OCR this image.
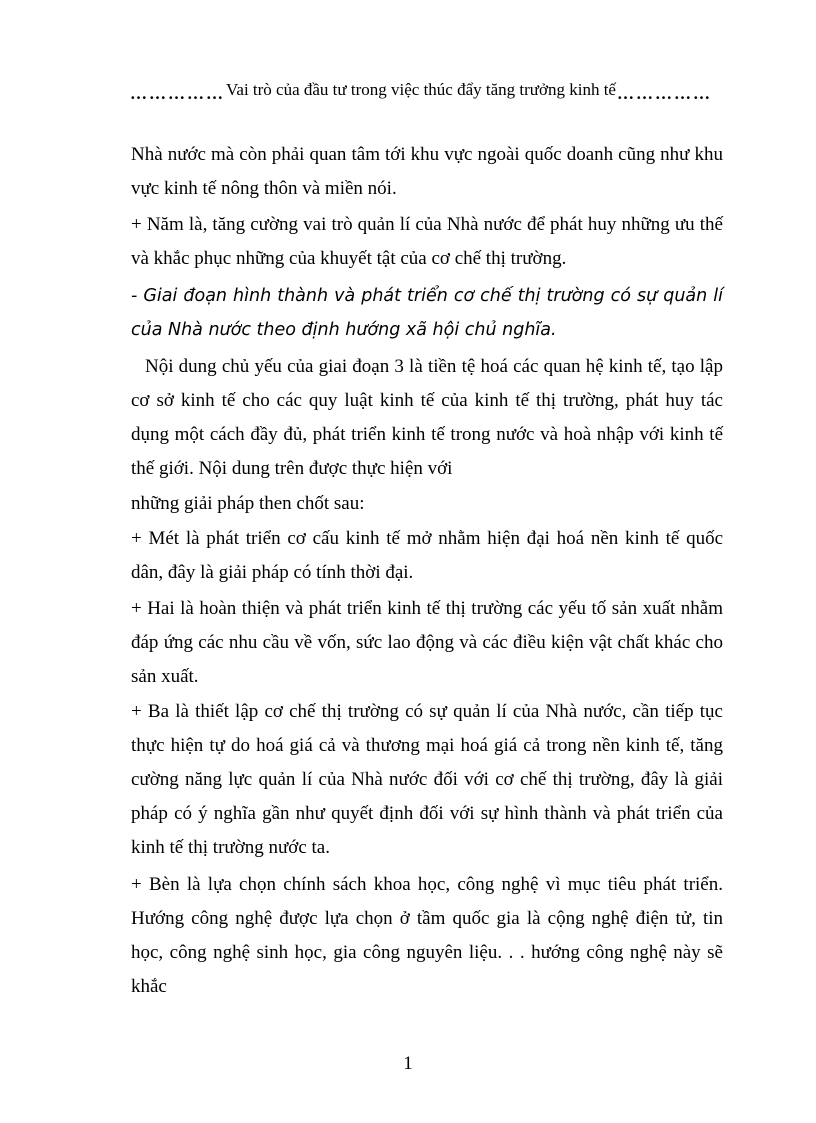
…………… Vai trò của đầu tư trong việc thúc đẩy tăng trưởng kinh tế ……………
Nhà nước mà còn phải quan tâm tới khu vực ngoài quốc doanh cũng như khu vực kinh tế nông thôn và miền nói.
+ Năm là, tăng cường vai trò quản lí của Nhà nước để phát huy những ưu thế và khắc phục những của khuyết tật của cơ chế thị trường.
- Giai đoạn hình thành và phát triển cơ chế thị trường có sự quản lí của Nhà nước theo định hướng xã hội chủ nghĩa.
Nội dung chủ yếu của giai đoạn 3 là tiền tệ hoá các quan hệ kinh tế, tạo lập cơ sở kinh tế cho các quy luật kinh tế của kinh tế thị trường, phát huy tác dụng một cách đầy đủ, phát triển kinh tế trong nước và hoà nhập với kinh tế thế giới. Nội dung trên được thực hiện với
những giải pháp then chốt sau:
+ Mét là phát triển cơ cấu kinh tế mở nhằm hiện đại hoá nền kinh tế quốc dân, đây là giải pháp có tính thời đại.
+ Hai là hoàn thiện và phát triển kinh tế thị trường các yếu tố sản xuất nhằm đáp ứng các nhu cầu về vốn, sức lao động và các điều kiện vật chất khác cho sản xuất.
+ Ba là thiết lập cơ chế thị trường có sự quản lí của Nhà nước, cần tiếp tục thực hiện tự do hoá giá cả và thương mại hoá giá cả trong nền kinh tế, tăng cường năng lực quản lí của Nhà nước đối với cơ chế thị trường, đây là giải pháp có ý nghĩa gần như quyết định đối với sự hình thành và phát triển của kinh tế thị trường nước ta.
+ Bèn là lựa chọn chính sách khoa học, công nghệ vì mục tiêu phát triển. Hướng công nghệ được lựa chọn ở tầm quốc gia là cộng nghệ điện tử, tin học, công nghệ sinh học, gia công nguyên liệu. . . hướng công nghệ này sẽ khắc
1
